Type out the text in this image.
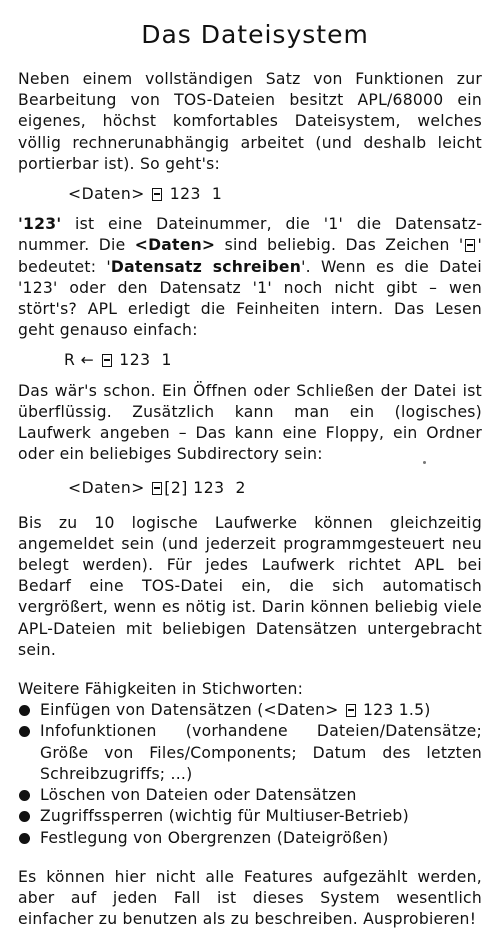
Das Dateisystem

Neben einem vollständigen Satz von Funktionen zur Bearbeitung von TOS-Dateien besitzt APL/68000 ein eigenes, höchst komfortables Dateisystem, welches völlig rechnerunabhängig arbeitet (und deshalb leicht portierbar ist). So geht's:

<Daten>  123  1

'123' ist eine Dateinummer, die '1' die Datensatznummer. Die <Daten> sind beliebig. Das Zeichen ' ' bedeutet: 'Datensatz schreiben'. Wenn es die Datei '123' oder den Datensatz '1' noch nicht gibt – wen stört's? APL erledigt die Feinheiten intern. Das Lesen geht genauso einfach:

R ←  123  1

Das wär's schon. Ein Öffnen oder Schließen der Datei ist überflüssig. Zusätzlich kann man ein (logisches) Laufwerk angeben – Das kann eine Floppy, ein Ordner oder ein beliebiges Subdirectory sein:

<Daten> [2] 123  2

Bis zu 10 logische Laufwerke können gleichzeitig angemeldet sein (und jederzeit programmgesteuert neu belegt werden). Für jedes Laufwerk richtet APL bei Bedarf eine TOS-Datei ein, die sich automatisch vergrößert, wenn es nötig ist. Darin können beliebig viele APL-Dateien mit beliebigen Datensätzen untergebracht sein.

Weitere Fähigkeiten in Stichworten:

Einfügen von Datensätzen (<Daten>  123 1.5)
Infofunktionen (vorhandene Dateien/Datensätze; Größe von Files/Components; Datum des letzten Schreibzugriffs; ...)
Löschen von Dateien oder Datensätzen
Zugriffssperren (wichtig für Multiuser-Betrieb)
Festlegung von Obergrenzen (Dateigrößen)

Es können hier nicht alle Features aufgezählt werden, aber auf jeden Fall ist dieses System wesentlich einfacher zu benutzen als zu beschreiben. Ausprobieren!
